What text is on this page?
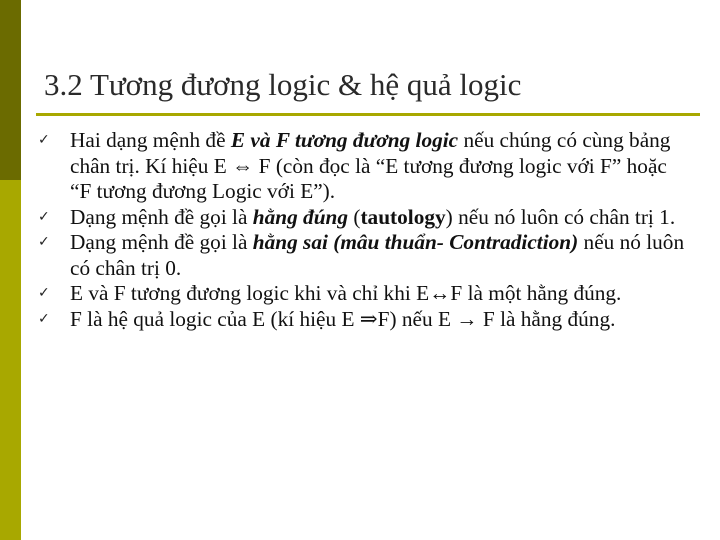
3.2 Tương đương logic & hệ quả logic
✓ Hai dạng mệnh đề E và F tương đương logic nếu chúng có cùng bảng chân trị. Kí hiệu E ⇔ F (còn đọc là “E tương đương logic với F” hoặc “F tương đương Logic với E”).
✓ Dạng mệnh đề gọi là hằng đúng (tautology) nếu nó luôn có chân trị 1.
✓ Dạng mệnh đề gọi là hằng sai (mâu thuẩn- Contradiction) nếu nó luôn có chân trị 0.
✓ E và F tương đương logic khi và chỉ khi E↔F là một hằng đúng.
✓ F là hệ quả logic của E (kí hiệu E ⇒F) nếu E → F là hằng đúng.
